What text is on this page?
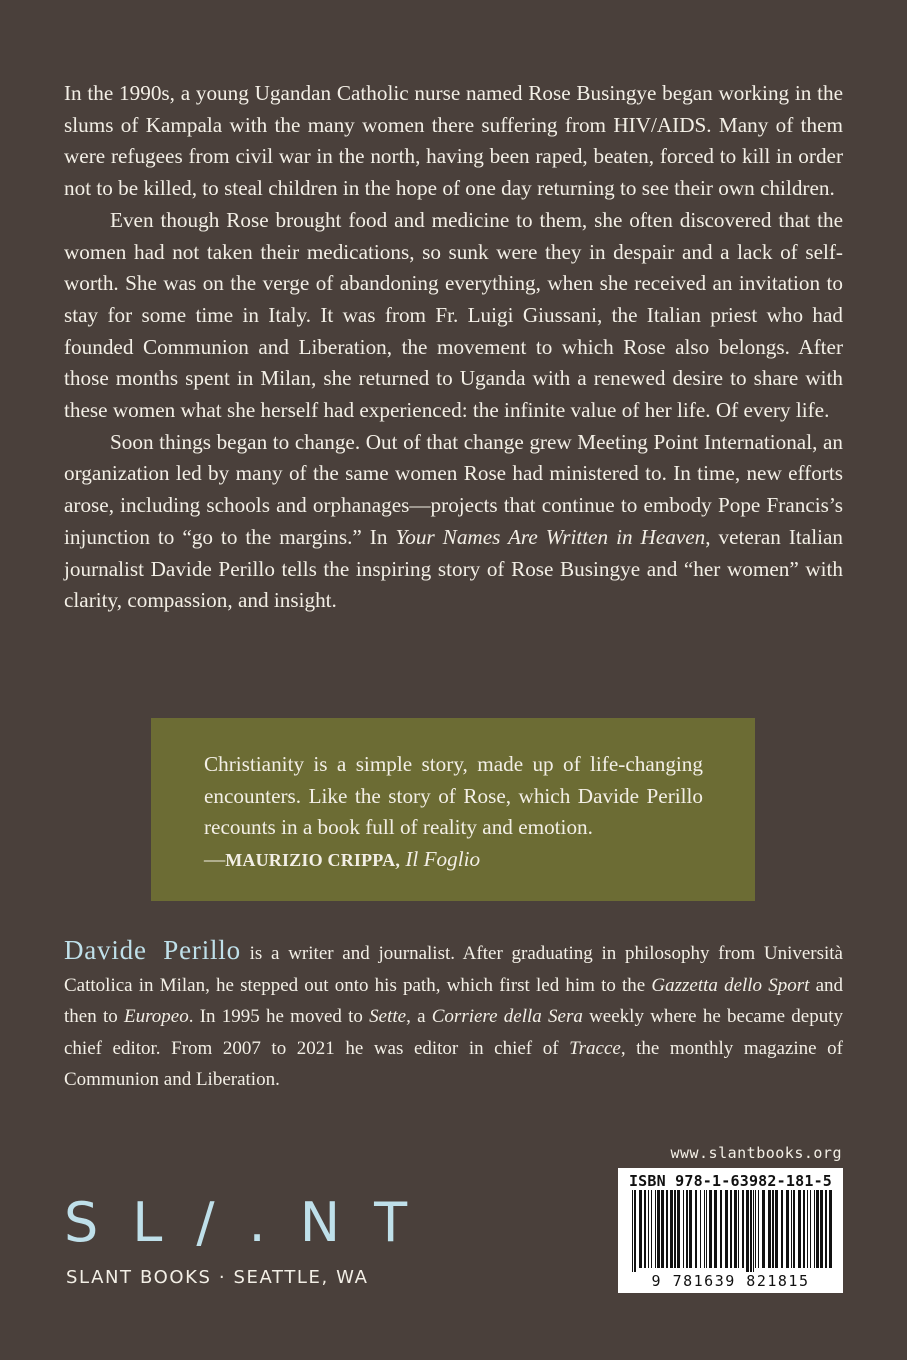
In the 1990s, a young Ugandan Catholic nurse named Rose Busingye began working in the slums of Kampala with the many women there suffering from HIV/AIDS. Many of them were refugees from civil war in the north, having been raped, beaten, forced to kill in order not to be killed, to steal children in the hope of one day returning to see their own children.

Even though Rose brought food and medicine to them, she often discovered that the women had not taken their medications, so sunk were they in despair and a lack of self-worth. She was on the verge of abandoning everything, when she received an invitation to stay for some time in Italy. It was from Fr. Luigi Giussani, the Italian priest who had founded Communion and Liberation, the movement to which Rose also belongs. After those months spent in Milan, she returned to Uganda with a renewed desire to share with these women what she herself had experienced: the infinite value of her life. Of every life.

Soon things began to change. Out of that change grew Meeting Point International, an organization led by many of the same women Rose had ministered to. In time, new efforts arose, including schools and orphanages—projects that continue to embody Pope Francis’s injunction to “go to the margins.” In Your Names Are Written in Heaven, veteran Italian journalist Davide Perillo tells the inspiring story of Rose Busingye and “her women” with clarity, compassion, and insight.

Christianity is a simple story, made up of life-changing encounters. Like the story of Rose, which Davide Perillo recounts in a book full of reality and emotion.

—MAURIZIO CRIPPA, Il Foglio

Davide Perillo is a writer and journalist. After graduating in philosophy from Università Cattolica in Milan, he stepped out onto his path, which first led him to the Gazzetta dello Sport and then to Europeo. In 1995 he moved to Sette, a Corriere della Sera weekly where he became deputy chief editor. From 2007 to 2021 he was editor in chief of Tracce, the monthly magazine of Communion and Liberation.

SL/.NT
SLANT BOOKS · SEATTLE, WA
www.slantbooks.org
ISBN 978-1-63982-181-5
9 781639 821815
